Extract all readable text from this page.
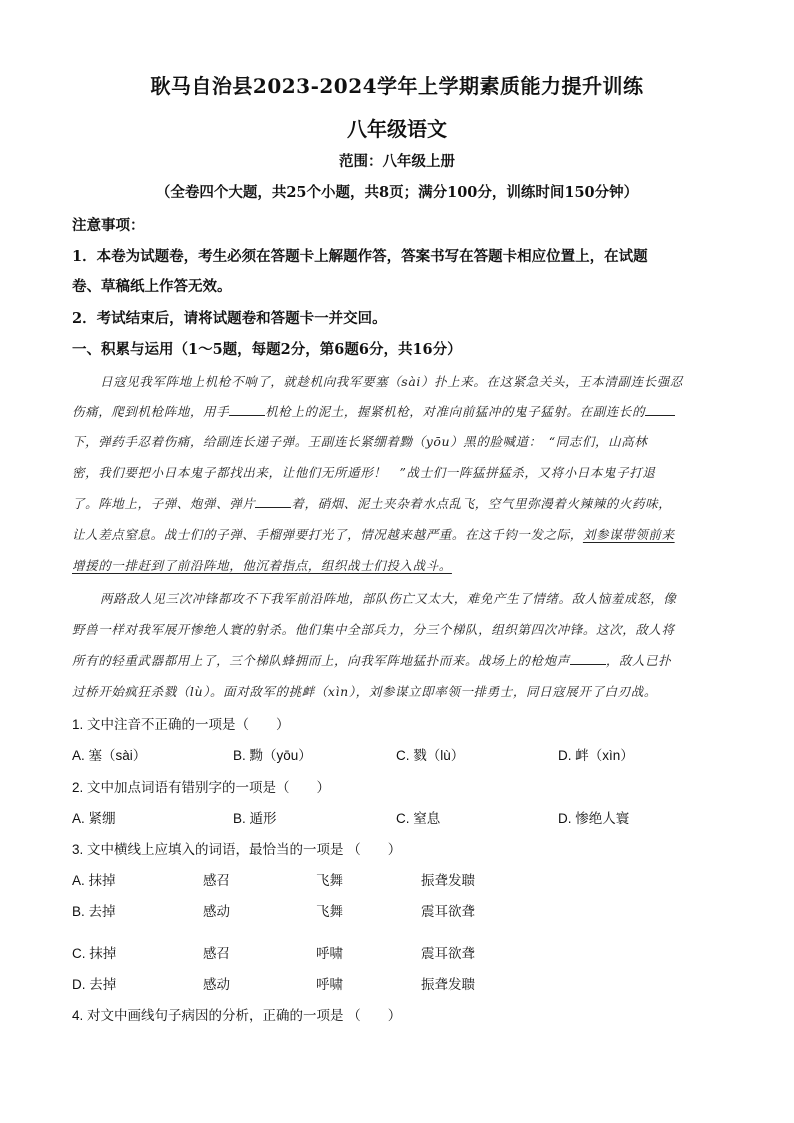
耿马自治县2023-2024学年上学期素质能力提升训练
八年级语文
范围：八年级上册
（全卷四个大题，共25个小题，共8页；满分100分，训练时间150分钟）
注意事项：
1．本卷为试题卷，考生必须在答题卡上解题作答，答案书写在答题卡相应位置上，在试题
卷、草稿纸上作答无效。
2．考试结束后，请将试题卷和答题卡一并交回。
一、积累与运用（1～5题，每题2分，第6题6分，共16分）
日寇见我军阵地上机枪不响了，就趁机向我军要塞（sài）扑上来。在这紧急关头，王本清副连长强忍
伤痛，爬到机枪阵地，用手	机枪上的泥土，握紧机枪，对准向前猛冲的鬼子猛射。在副连长的
下，弹药手忍着伤痛，给副连长递子弹。王副连长紧绷着黝（yōu）黑的脸喊道：　“同志们，山高林
密，我们要把小日本鬼子都找出来，让他们无所遁形！　”战士们一阵猛拼猛杀，又将小日本鬼子打退
了。阵地上，子弹、炮弹、弹片	着，硝烟、泥土夹杂着水点乱飞，空气里弥漫着火辣辣的火药味，
让人差点窒息。战士们的子弹、手榴弹要打光了，情况越来越严重。在这千钧一发之际，刘参谋带领前来
增援的一排赶到了前沿阵地，他沉着指点，组织战士们投入战斗。
两路敌人见三次冲锋都攻不下我军前沿阵地，部队伤亡又太大，难免产生了情绪。敌人恼羞成怒，像
野兽一样对我军展开惨绝人寰的射杀。他们集中全部兵力，分三个梯队，组织第四次冲锋。这次，敌人将
所有的轻重武器都用上了，三个梯队蜂拥而上，向我军阵地猛扑而来。战场上的枪炮声	，敌人已扑
过桥开始疯狂杀戮（lù）。面对敌军的挑衅（xìn），刘参谋立即率领一排勇士，同日寇展开了白刃战。
1. 文中注音不正确的一项是（　　）
A. 塞（sài）	B. 黝（yōu）	C. 戮（lù）	D. 衅（xìn）
2. 文中加点词语有错别字的一项是（　　）
A. 紧绷	B. 遁形	C. 窒息	D. 惨绝人寰
3. 文中横线上应填入的词语，最恰当的一项是 （　　）
A. 抹掉	感召	飞舞	振聋发聩
B. 去掉	感动	飞舞	震耳欲聋
C. 抹掉	感召	呼啸	震耳欲聋
D. 去掉	感动	呼啸	振聋发聩
4. 对文中画线句子病因的分析，正确的一项是 （　　）
